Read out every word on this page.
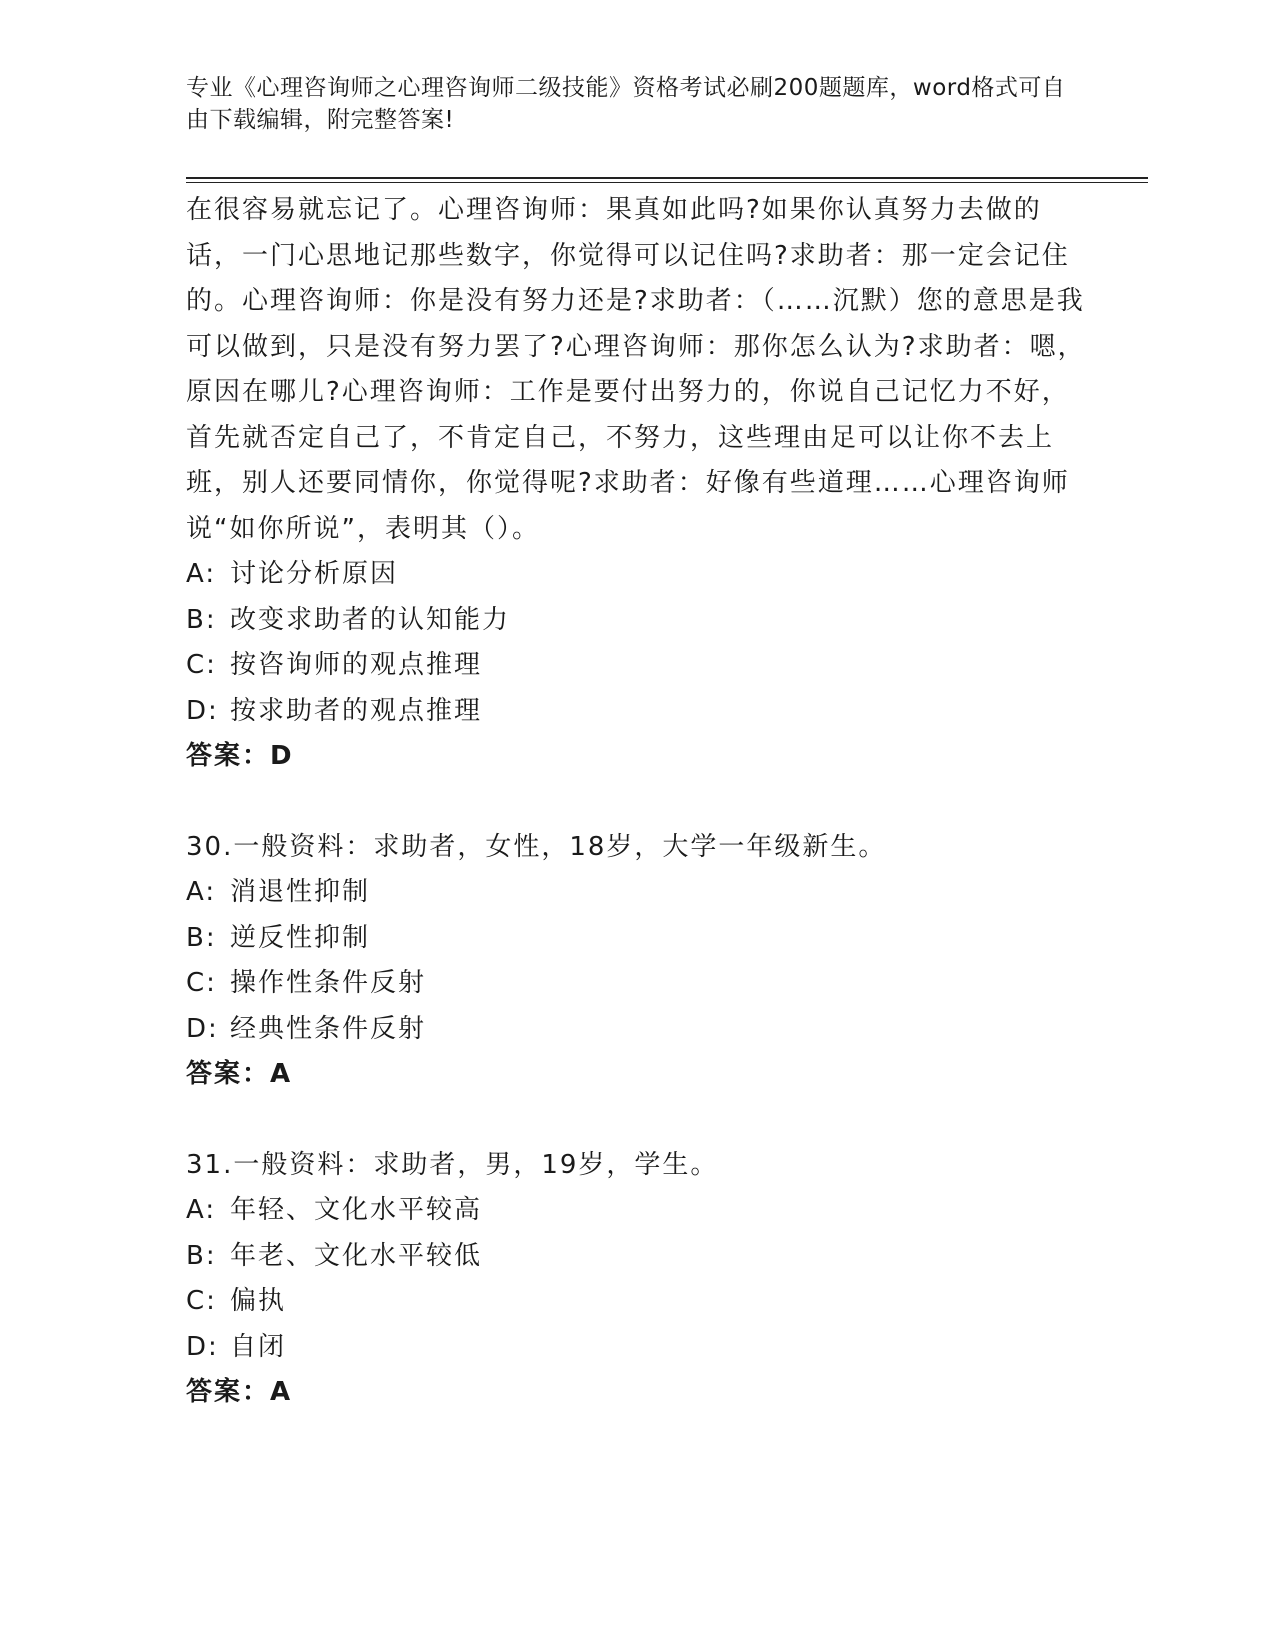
专业《心理咨询师之心理咨询师二级技能》资格考试必刷200题题库，word格式可自由下载编辑，附完整答案!

在很容易就忘记了。心理咨询师：果真如此吗?如果你认真努力去做的话，一门心思地记那些数字，你觉得可以记住吗?求助者：那一定会记住的。心理咨询师：你是没有努力还是?求助者：（……沉默）您的意思是我可以做到，只是没有努力罢了?心理咨询师：那你怎么认为?求助者：嗯，原因在哪儿?心理咨询师：工作是要付出努力的，你说自己记忆力不好，首先就否定自己了，不肯定自己，不努力，这些理由足可以让你不去上班，别人还要同情你，你觉得呢?求助者：好像有些道理……心理咨询师说“如你所说”，表明其（）。

A: 讨论分析原因

B: 改变求助者的认知能力

C: 按咨询师的观点推理

D: 按求助者的观点推理

答案：D

30.一般资料：求助者，女性，18岁，大学一年级新生。

A: 消退性抑制

B: 逆反性抑制

C: 操作性条件反射

D: 经典性条件反射

答案：A

31.一般资料：求助者，男，19岁，学生。

A: 年轻、文化水平较高

B: 年老、文化水平较低

C: 偏执

D: 自闭

答案：A
